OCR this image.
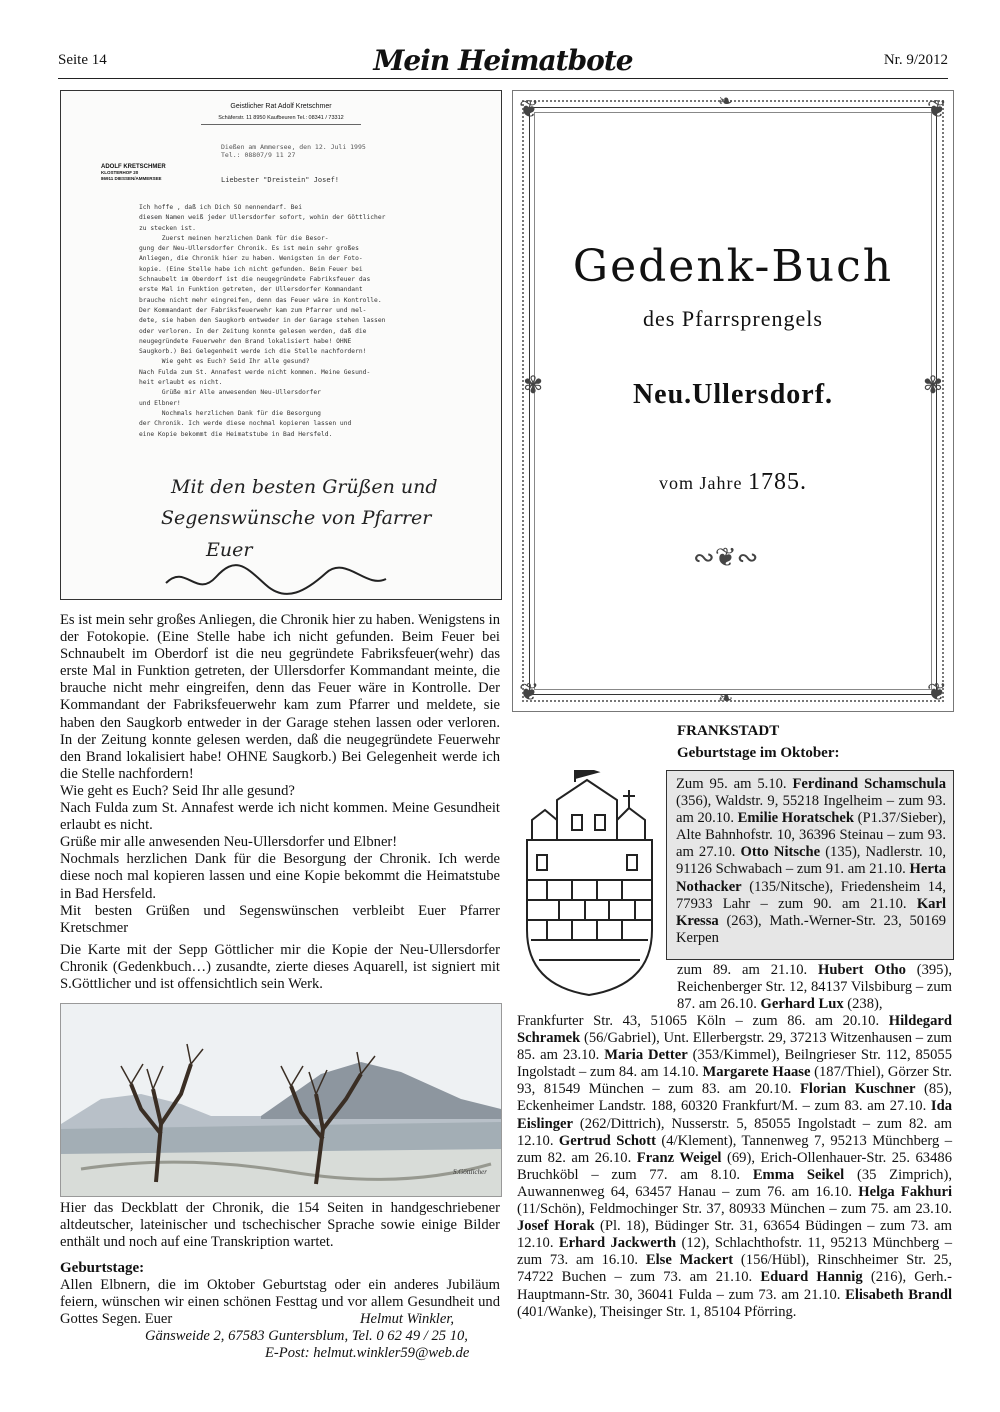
Seite 14	Mein Heimatbote	Nr. 9/2012
Geistlicher Rat Adolf Kretschmer
Schäferstr. 11 8950 Kaufbeuren Tel.: 08341 / 73312
Dießen am Ammersee, den 12. Juli 1995
Tel.: 08807/9 11 27
ADOLF KRETSCHMER
KLOSTERHOF 20
86911 DIESSEN/AMMERSEE	Liebester "Dreistein" Josef!
Ich hoffe , daß ich Dich SO nennendarf. Bei
diesem Namen weiß jeder Ullersdorfer sofort, wohin der Göttlicher
zu stecken ist.
Zuerst meinen herzlichen Dank für die Besor-
gung der Neu-Ullersdorfer Chronik. Es ist mein sehr großes
Anliegen, die Chronik hier zu haben. Wenigsten in der Foto-
kopie. (Eine Stelle habe ich nicht gefunden. Beim Feuer bei
Schnaubelt im Oberdorf ist die neugegründete Fabriksfeuer das
erste Mal in Funktion getreten, der Ullersdorfer Kommandant
brauche nicht mehr eingreifen, denn das Feuer wäre in Kontrolle.
Der Kommandant der Fabriksfeuerwehr kam zum Pfarrer und mel-
dete, sie haben den Saugkorb entweder in der Garage stehen lassen
oder verloren. In der Zeitung konnte gelesen werden, daß die
neugegründete Feuerwehr den Brand lokalisiert habe! OHNE
Saugkorb.) Bei Gelegenheit werde ich die Stelle nachfordern!
Wie geht es Euch? Seid Ihr alle gesund?
Nach Fulda zum St. Annafest werde nicht kommen. Meine Gesund-
heit erlaubt es nicht.
Grüße mir Alle anwesenden Neu-Ullersdorfer
und Elbner!
Nochmals herzlichen Dank für die Besorgung
der Chronik. Ich werde diese nochmal kopieren lassen und
eine Kopie bekommt die Heimatstube in Bad Hersfeld.
Mit den besten Grüßen und
Segenswünsche von Pfarrer
Euer

Es ist mein sehr großes Anliegen, die Chronik hier zu haben. Wenigstens in der Fotokopie. (Eine Stelle habe ich nicht gefunden. Beim Feuer bei Schnaubelt im Oberdorf ist die neu gegründete Fabriksfeuer(wehr) das erste Mal in Funktion getreten, der Ullersdorfer Kommandant meinte, die brauche nicht mehr eingreifen, denn das Feuer wäre in Kontrolle. Der Kommandant der Fabriksfeuerwehr kam zum Pfarrer und meldete, sie haben den Saugkorb entweder in der Garage stehen lassen oder verloren. In der Zeitung konnte gelesen werden, daß die neugegründete Feuerwehr den Brand lokalisiert habe! OHNE Saugkorb.) Bei Gelegenheit werde ich die Stelle nachfordern!

Wie geht es Euch? Seid Ihr alle gesund?

Nach Fulda zum St. Annafest werde ich nicht kommen. Meine Gesundheit erlaubt es nicht.

Grüße mir alle anwesenden Neu-Ullersdorfer und Elbner!

Nochmals herzlichen Dank für die Besorgung der Chronik. Ich werde diese noch mal kopieren lassen und eine Kopie bekommt die Heimatstube in Bad Hersfeld.

Mit besten Grüßen und Segenswünschen verbleibt Euer Pfarrer Kretschmer

Die Karte mit der Sepp Göttlicher mir die Kopie der Neu-Ullersdorfer Chronik (Gedenkbuch…) zusandte, zierte dieses Aquarell, ist signiert mit S.Göttlicher und ist offensichtlich sein Werk.
S.Göttlicher
Hier das Deckblatt der Chronik, die 154 Seiten in handgeschriebener altdeutscher, lateinischer und tschechischer Sprache sowie einige Bilder enthält und noch auf eine Transkription wartet.
Geburtstage:
Allen Elbnern, die im Oktober Geburtstag oder ein anderes Jubiläum feiern, wünschen wir einen schönen Festtag und vor allem Gesundheit und Gottes Segen. Euer	Helmut Winkler,
Gänsweide 2, 67583 Guntersblum, Tel. 0 62 49 / 25 10,
E-Post: helmut.winkler59@web.de
❦	❦
❦	❦
✾	✾
❧
❧
Gedenk-Buch
des Pfarrsprengels
Neu.Ullersdorf.
vom Jahre 1785.
∾❦∾
FRANKSTADT
Geburtstage im Oktober:
Zum 95. am 5.10. Ferdinand Schamschula (356), Waldstr. 9, 55218 Ingelheim – zum 93. am 20.10. Emilie Horatschek (P1.37/Sieber), Alte Bahnhofstr. 10, 36396 Steinau – zum 93. am 27.10. Otto Nitsche (135), Nadlerstr. 10, 91126 Schwabach – zum 91. am 21.10. Herta Nothacker (135/Nitsche), Friedensheim 14, 77933 Lahr – zum 90. am 21.10. Karl Kressa (263), Math.-Werner-Str. 23, 50169 Kerpen
zum 89. am 21.10. Hubert Otho (395), Reichenberger Str. 12, 84137 Vilsbiburg – zum 87. am 26.10. Gerhard Lux (238),
Frankfurter Str. 43, 51065 Köln – zum 86. am 20.10. Hildegard Schramek (56/Gabriel), Unt. Ellerbergstr. 29, 37213 Witzenhausen – zum 85. am 23.10. Maria Detter (353/Kimmel), Beilngrieser Str. 112, 85055 Ingolstadt – zum 84. am 14.10. Margarete Haase (187/Thiel), Görzer Str. 93, 81549 München – zum 83. am 20.10. Florian Kuschner (85), Eckenheimer Landstr. 188, 60320 Frankfurt/M. – zum 83. am 27.10. Ida Eislinger (262/Dittrich), Nusserstr. 5, 85055 Ingolstadt – zum 82. am 12.10. Gertrud Schott (4/Klement), Tannenweg 7, 95213 Münchberg – zum 82. am 26.10. Franz Weigel (69), Erich-Ollenhauer-Str. 25. 63486 Bruchköbl – zum 77. am 8.10. Emma Seikel (35 Zimprich), Auwannenweg 64, 63457 Hanau – zum 76. am 16.10. Helga Fakhuri (11/Schön), Feldmochinger Str. 37, 80933 München – zum 75. am 23.10. Josef Horak (Pl. 18), Büdinger Str. 31, 63654 Büdingen – zum 73. am 12.10. Erhard Jackwerth (12), Schlachthofstr. 11, 95213 Münchberg – zum 73. am 16.10. Else Mackert (156/Hübl), Rinschheimer Str. 25, 74722 Buchen – zum 73. am 21.10. Eduard Hannig (216), Gerh.-Hauptmann-Str. 30, 36041 Fulda – zum 73. am 21.10. Elisabeth Brandl (401/Wanke), Theisinger Str. 1, 85104 Pförring.
